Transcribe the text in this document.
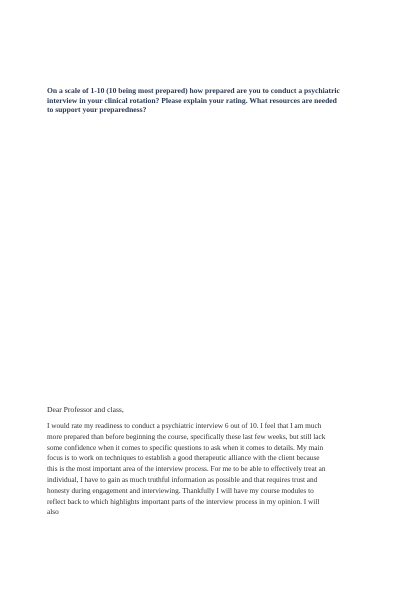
On a scale of 1-10 (10 being most prepared) how prepared are you to conduct a psychiatric
interview in your clinical rotation? Please explain your rating. What resources are needed
to support your preparedness?

Dear Professor and class,

I would rate my readiness to conduct a psychiatric interview 6 out of 10. I feel that I am much
more prepared than before beginning the course, specifically these last few weeks, but still lack
some confidence when it comes to specific questions to ask when it comes to details. My main
focus is to work on techniques to establish a good therapeutic alliance with the client because
this is the most important area of the interview process. For me to be able to effectively treat an
individual, I have to gain as much truthful information as possible and that requires trust and
honesty during engagement and interviewing. Thankfully I will have my course modules to
reflect back to which highlights important parts of the interview process in my opinion. I will
also
